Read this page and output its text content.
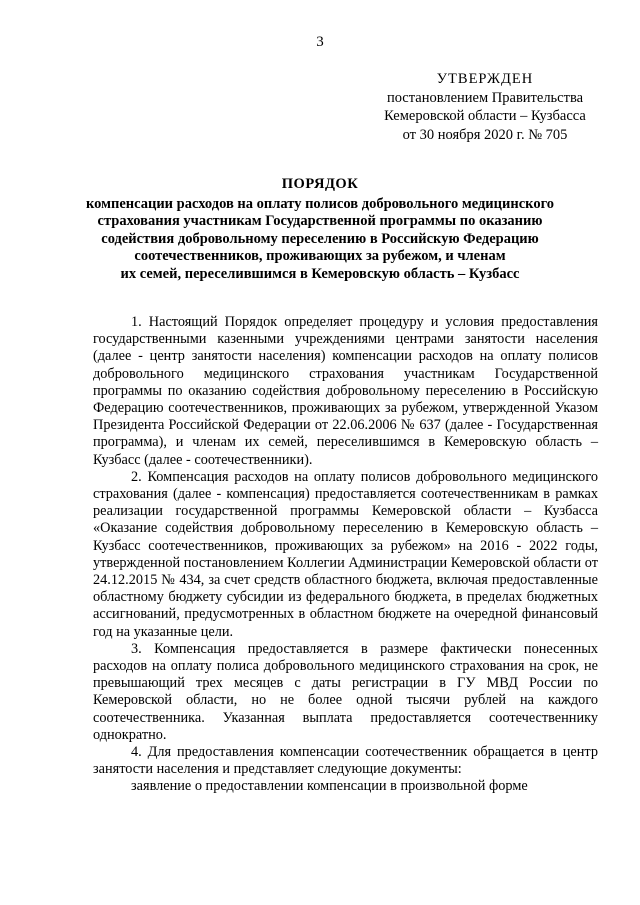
3
УТВЕРЖДЕН
постановлением Правительства
Кемеровской области – Кузбасса
от 30 ноября 2020 г. № 705
ПОРЯДОК
компенсации расходов на оплату полисов добровольного медицинского
страхования участникам Государственной программы по оказанию
содействия добровольному переселению в Российскую Федерацию
соотечественников, проживающих за рубежом, и членам
их семей, переселившимся в Кемеровскую область – Кузбасс

1. Настоящий Порядок определяет процедуру и условия предоставления государственными казенными учреждениями центрами занятости населения (далее - центр занятости населения) компенсации расходов на оплату полисов добровольного медицинского страхования участникам Государственной программы по оказанию содействия добровольному переселению в Российскую Федерацию соотечественников, проживающих за рубежом, утвержденной Указом Президента Российской Федерации от 22.06.2006 № 637 (далее - Государственная программа), и членам их семей, переселившимся в Кемеровскую область – Кузбасс (далее - соотечественники).

2. Компенсация расходов на оплату полисов добровольного медицинского страхования (далее - компенсация) предоставляется соотечественникам в рамках реализации государственной программы Кемеровской области – Кузбасса «Оказание содействия добровольному переселению в Кемеровскую область – Кузбасс соотечественников, проживающих за рубежом» на 2016 - 2022 годы, утвержденной постановлением Коллегии Администрации Кемеровской области от 24.12.2015 № 434, за счет средств областного бюджета, включая предоставленные областному бюджету субсидии из федерального бюджета, в пределах бюджетных ассигнований, предусмотренных в областном бюджете на очередной финансовый год на указанные цели.

3. Компенсация предоставляется в размере фактически понесенных расходов на оплату полиса добровольного медицинского страхования на срок, не превышающий трех месяцев с даты регистрации в ГУ МВД России по Кемеровской области, но не более одной тысячи рублей на каждого соотечественника. Указанная выплата предоставляется соотечественнику однократно.

4. Для предоставления компенсации соотечественник обращается в центр занятости населения и представляет следующие документы:

заявление о предоставлении компенсации в произвольной форме
